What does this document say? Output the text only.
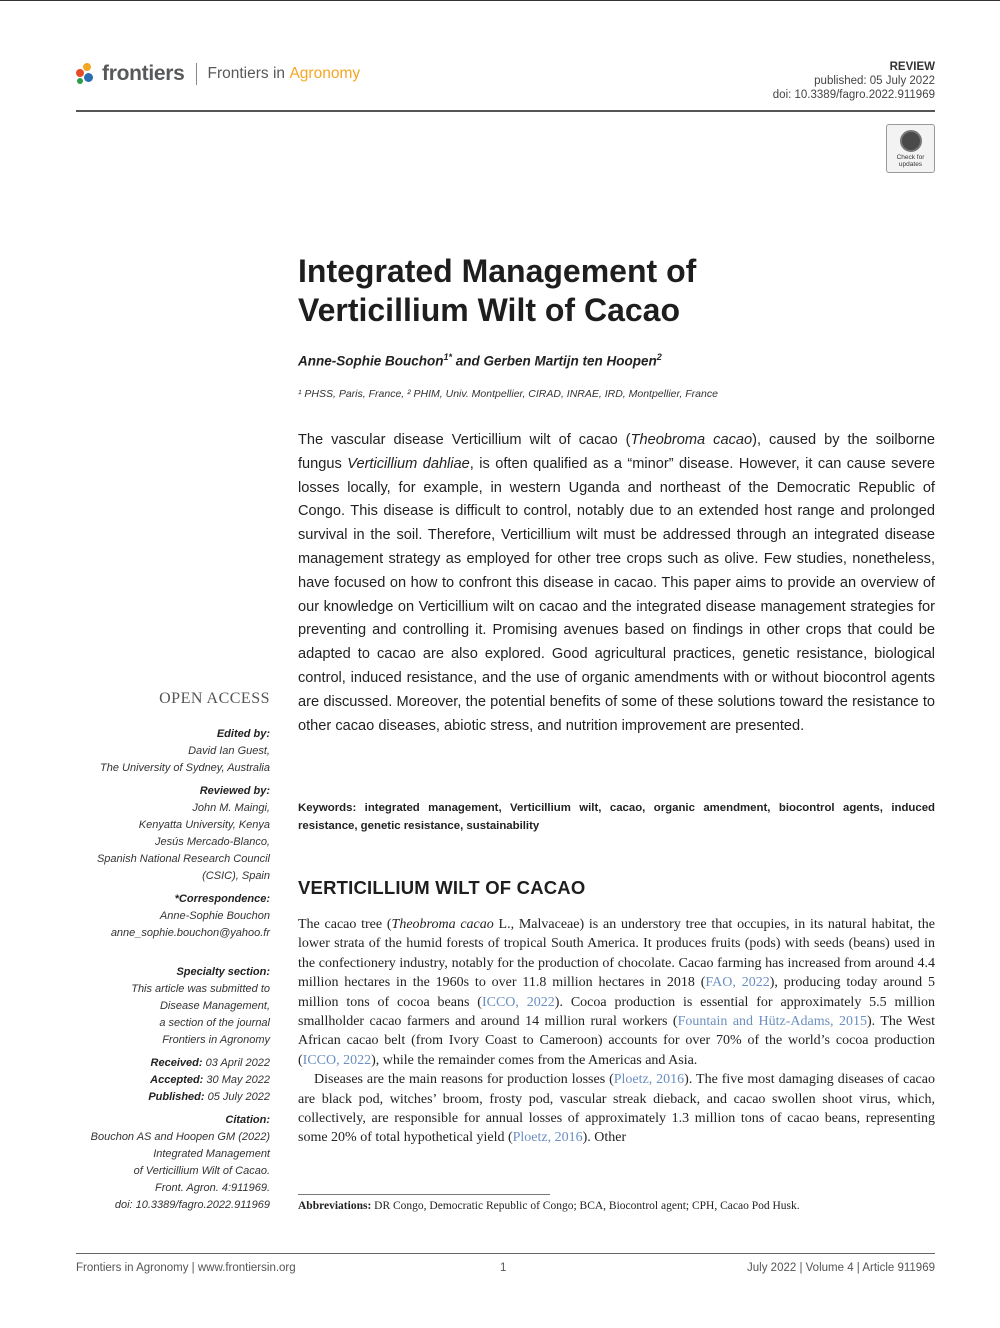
frontiers Frontiers in
Agronomy	REVIEW
published: 05 July 2022
doi: 10.3389/fagro.2022.911969
Check for
updates
Integrated Management of
Verticillium Wilt of Cacao
Anne-Sophie Bouchon$^{1*}$ and Gerben Martijn ten Hoopen$^2$
¹ PHSS, Paris, France, ² PHIM, Univ. Montpellier, CIRAD, INRAE, IRD, Montpellier, France
The vascular disease Verticillium wilt of cacao (Theobroma cacao), caused by the soilborne fungus Verticillium dahliae, is often qualified as a “minor” disease. However, it can cause severe losses locally, for example, in western Uganda and northeast of the Democratic Republic of Congo. This disease is difficult to control, notably due to an extended host range and prolonged survival in the soil. Therefore, Verticillium wilt must be addressed through an integrated disease management strategy as employed for other tree crops such as olive. Few studies, nonetheless, have focused on how to confront this disease in cacao. This paper aims to provide an overview of our knowledge on Verticillium wilt on cacao and the integrated disease management strategies for preventing and controlling it. Promising avenues based on findings in other crops that could be adapted to cacao are also explored. Good agricultural practices, genetic resistance, biological control, induced resistance, and the use of organic amendments with or without biocontrol agents are discussed. Moreover, the potential benefits of some of these solutions toward the resistance to other cacao diseases, abiotic stress, and nutrition improvement are presented.
Keywords: integrated management, Verticillium wilt, cacao, organic amendment, biocontrol agents, induced resistance, genetic resistance, sustainability
VERTICILLIUM WILT OF CACAO

The cacao tree (Theobroma cacao L., Malvaceae) is an understory tree that occupies, in its natural habitat, the lower strata of the humid forests of tropical South America. It produces fruits (pods) with seeds (beans) used in the confectionery industry, notably for the production of chocolate. Cacao farming has increased from around 4.4 million hectares in the 1960s to over 11.8 million hectares in 2018 (FAO, 2022), producing today around 5 million tons of cocoa beans (ICCO, 2022). Cocoa production is essential for approximately 5.5 million smallholder cacao farmers and around 14 million rural workers (Fountain and Hütz-Adams, 2015). The West African cacao belt (from Ivory Coast to Cameroon) accounts for over 70% of the world’s cocoa production (ICCO, 2022), while the remainder comes from the Americas and Asia.

Diseases are the main reasons for production losses (Ploetz, 2016). The five most damaging diseases of cacao are black pod, witches’ broom, frosty pod, vascular streak dieback, and cacao swollen shoot virus, which, collectively, are responsible for annual losses of approximately 1.3 million tons of cacao beans, representing some 20% of total hypothetical yield (Ploetz, 2016). Other

Abbreviations: DR Congo, Democratic Republic of Congo; BCA, Biocontrol agent; CPH, Cacao Pod Husk.
OPEN ACCESS
Edited by:
David Ian Guest,
The University of Sydney, Australia
Reviewed by:
John M. Maingi,
Kenyatta University, Kenya
Jesús Mercado-Blanco,
Spanish National Research Council
(CSIC), Spain
*Correspondence:
Anne-Sophie Bouchon
anne_sophie.bouchon@yahoo.fr
Specialty section:
This article was submitted to
Disease Management,
a section of the journal
Frontiers in Agronomy
Received: 03 April 2022
Accepted: 30 May 2022
Published: 05 July 2022
Citation:
Bouchon AS and Hoopen GM (2022)
Integrated Management
of Verticillium Wilt of Cacao.
Front. Agron. 4:911969.
doi: 10.3389/fagro.2022.911969
Frontiers in Agronomy | www.frontiersin.org	1	July 2022 | Volume 4 | Article 911969
